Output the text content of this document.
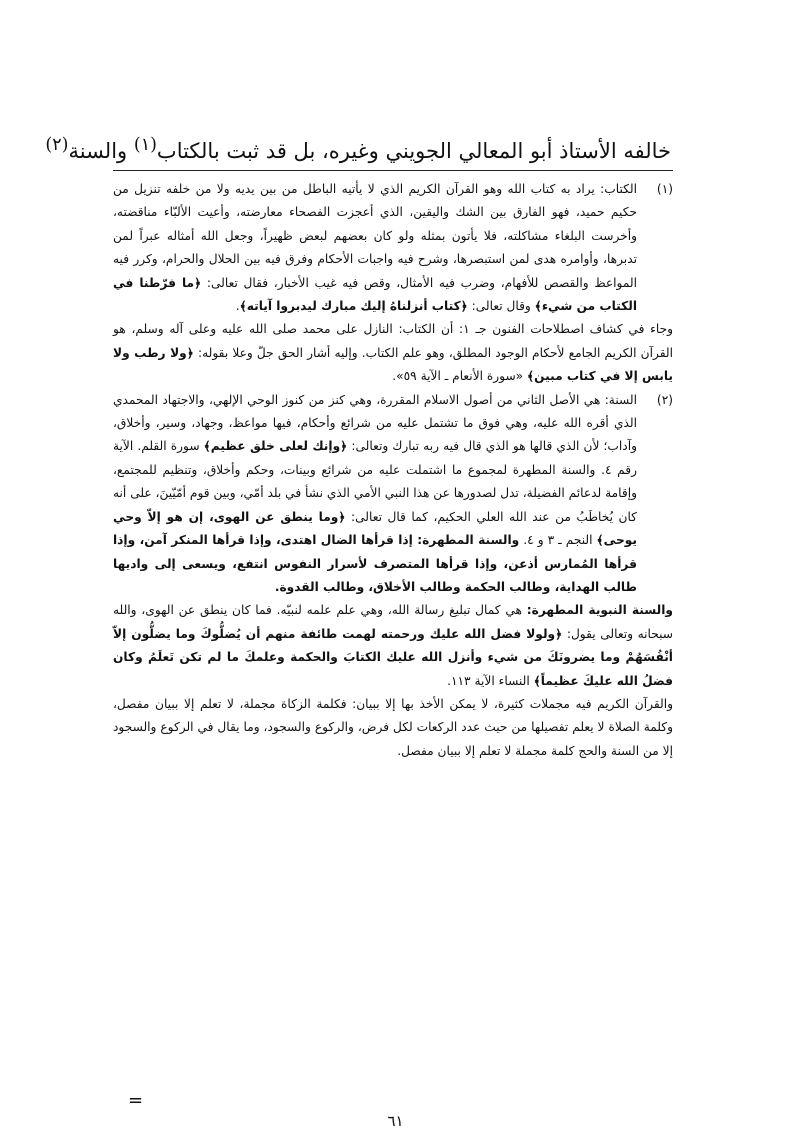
خالفه الأستاذ أبو المعالي الجويني وغيره، بل قد ثبت بالكتاب$^{(١)}$ والسنة$^{(٢)}$

(١)
الكتاب: يراد به كتاب الله وهو القرآن الكريم الذي لا يأتيه الباطل من بين يديه ولا من خلفه تنزيل من حكيم حميد، فهو الفارق بين الشك واليقين، الذي أعجزت الفصحاء معارضته، وأعيت الألبّاء مناقضته، وأخرست البلغاء مشاكلته، فلا يأتون بمثله ولو كان بعضهم لبعض ظهيراً، وجعل الله أمثاله عبراً لمن تدبرها، وأوامره هدى لمن استبصرها، وشرح فيه واجبات الأحكام وفرق فيه بين الحلال والحرام، وكرر فيه المواعظ والقصص للأفهام، وضرب فيه الأمثال، وقص فيه غيب الأخبار، فقال تعالى: ﴿ما فرّطنا في الكتاب من شيء﴾ وقال تعالى: ﴿كتاب أنزلناهُ إليك مبارك ليدبروا آياته﴾.

وجاء في كشاف اصطلاحات الفنون جـ ١: أن الكتاب: النازل على محمد صلى الله عليه وعلى آله وسلم، هو القرآن الكريم الجامع لأحكام الوجود المطلق، وهو علم الكتاب. وإليه أشار الحق جلّ وعلا بقوله: ﴿ولا رطب ولا يابس إلا في كتاب مبين﴾ «سورة الأنعام ـ الآية ٥٩».

(٢)
السنة: هي الأصل الثاني من أصول الاسلام المقررة، وهي كنز من كنوز الوحي الإلهي، والاجتهاد المحمدي الذي أقره الله عليه، وهي فوق ما تشتمل عليه من شرائع وأحكام، فيها مواعظ، وجهاد، وسير، وأخلاق، وآداب؛ لأن الذي قالها هو الذي قال فيه ربه تبارك وتعالى: ﴿وإنك لعلى خلق عظيم﴾ سورة القلم. الآية رقم ٤. والسنة المطهرة لمجموع ما اشتملت عليه من شرائع وبينات، وحكم وأخلاق، وتنظيم للمجتمع، وإقامة لدعائم الفضيلة، تدل لصدورها عن هذا النبي الأمي الذي نشأ في بلد أمّي، وبين قوم أمّيّينَ، على أنه كان يُخاطَبُ من عند الله العلي الحكيم، كما قال تعالى: ﴿وما ينطق عن الهوى، إن هو إلاّ وحي يوحى﴾ النجم ـ ٣ و ٤. والسنة المطهرة: إذا قرأها الضال اهتدى، وإذا قرأها المنكر آمن، وإذا قرأها المُمارس أذعن، وإذا قرأها المتصرف لأسرار النفوس انتفع، ويسعى إلى واديها طالب الهداية، وطالب الحكمة وطالب الأخلاق، وطالب القدوة.

والسنة النبوية المطهرة: هي كمال تبليغ رسالة الله، وهي علم علمه لنبيّه. فما كان ينطق عن الهوى، والله سبحانه وتعالى يقول: ﴿ولولا فضل الله عليك ورحمته لهمت طائفة منهم أن يُضلُّوكَ وما يضلُّون إلاّ أنْفُسَهُمْ وما يضرونَكَ من شيء وأنزل الله عليك الكتابَ والحكمة وعلمكَ ما لم تكن تَعلَمُ وكان فضلُ الله عليكَ عظيماً﴾ النساء الآية ١١٣.

والقرآن الكريم فيه مجملات كثيرة، لا يمكن الأخذ بها إلا ببيان: فكلمة الزكاة مجملة، لا تعلم إلا ببيان مفصل، وكلمة الصلاة لا يعلم تفصيلها من حيث عدد الركعات لكل فرض، والركوع والسجود، وما يقال في الركوع والسجود إلا من السنة والحج كلمة مجملة لا تعلم إلا ببيان مفصل.

=
٦١
